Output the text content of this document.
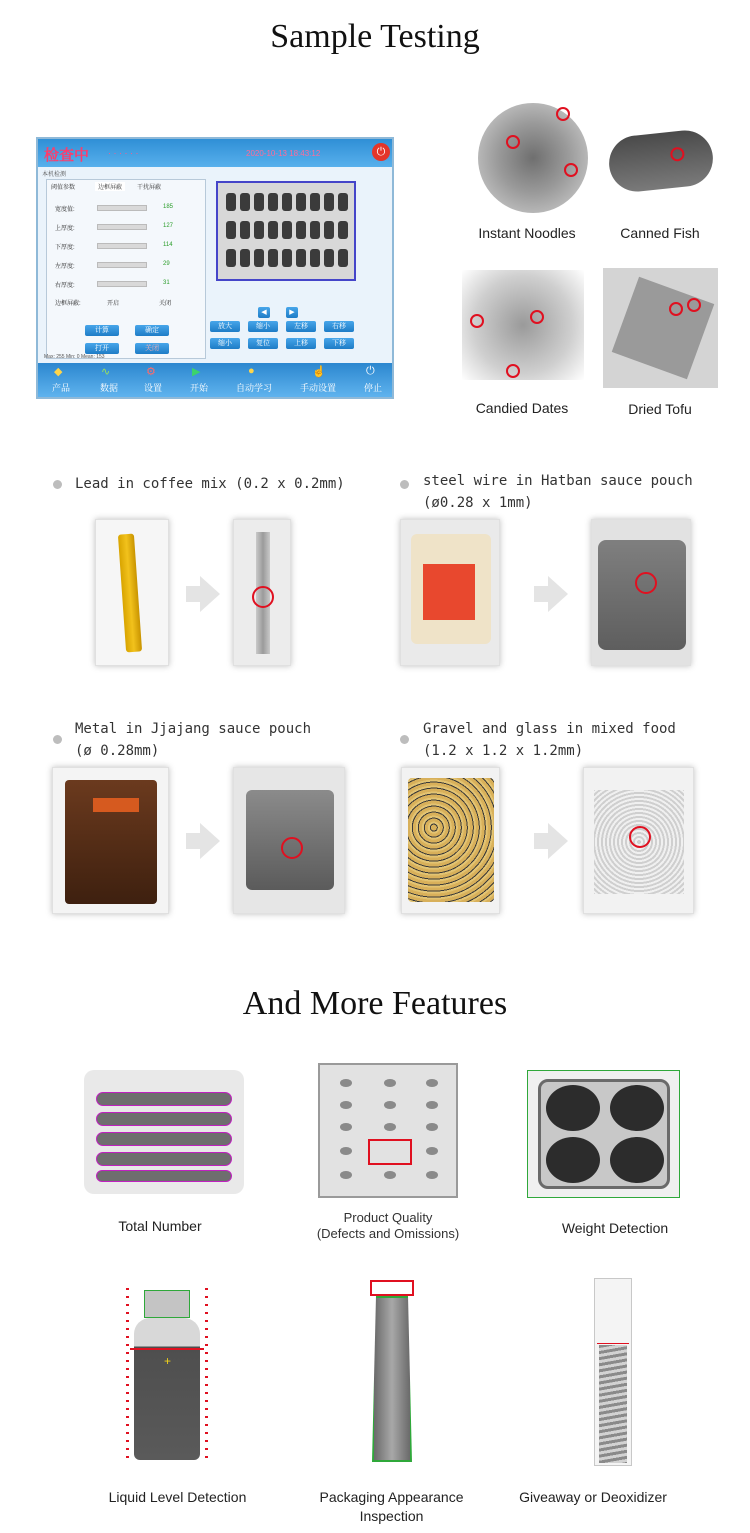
Sample Testing
检查中 · · · · · ·	2020-10-13 18:43:12	⏻
本机检测
阈值参数	边框屏蔽	干扰屏蔽
宽度值:	185
上厚度:	127
下厚度:	114
左厚度:	29
右厚度:	31
边框屏蔽:	开启	关闭
计算	确定
打开	关闭
◀	▶
放大	缩小	左移	右移
缩小	复位	上移	下移
Max: 255 Min: 0 Mean: 153
产品	数据	设置	开始	自动学习	手动设置	停止
◆	∿	⚙	▶	●	☝	⏻
Instant Noodles	Canned Fish
Candied Dates	Dried Tofu
Lead in coffee mix (0.2 x 0.2mm)	steel wire in Hatban sauce pouch
(ø0.28 x 1mm)
Metal in Jjajang sauce pouch
(ø 0.28mm)
Gravel and glass in mixed food
(1.2 x 1.2 x 1.2mm)
And More Features
Total Number
Product Quality
(Defects and Omissions)	Weight Detection
+
Liquid Level Detection	Packaging Appearance
Inspection
Giveaway or Deoxidizer
